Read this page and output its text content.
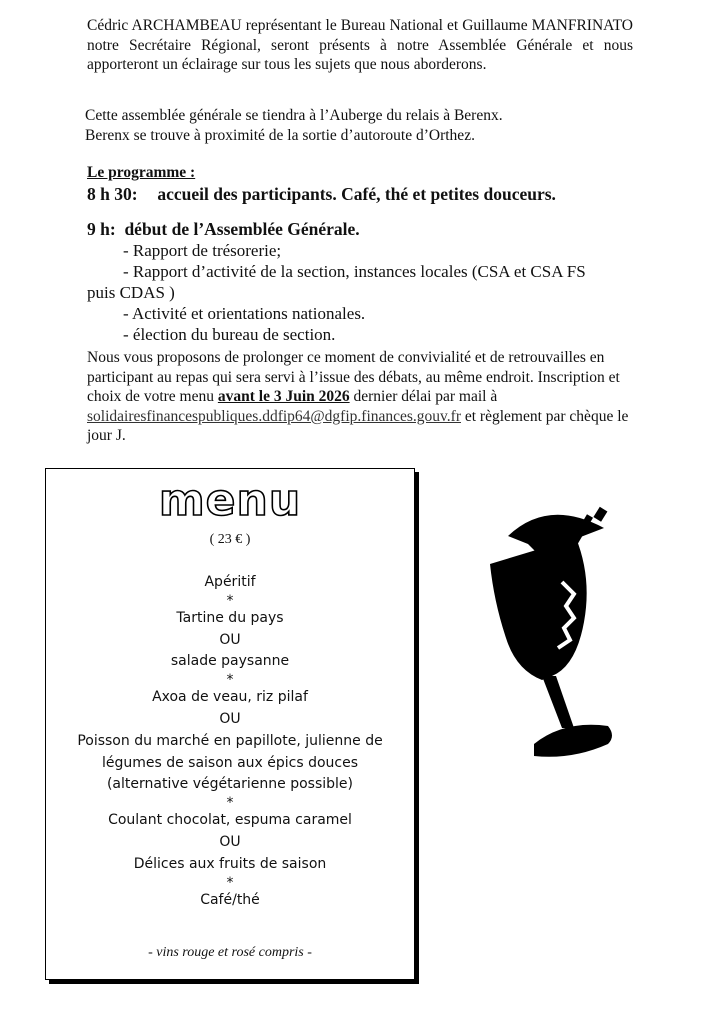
Cédric ARCHAMBEAU représentant le Bureau National et Guillaume MANFRINATO notre Secrétaire Régional, seront présents à notre Assemblée Générale et nous apporteront un éclairage sur tous les sujets que nous aborderons.

Cette assemblée générale se tiendra à l’Auberge du relais à Berenx.
Berenx se trouve à proximité de la sortie d’autoroute d’Orthez.
Le programme :
8 h 30: accueil des participants. Café, thé et petites douceurs.
9 h: début de l’Assemblée Générale.
- Rapport de trésorerie;
- Rapport d’activité de la section, instances locales (CSA et CSA FS
puis CDAS )
- Activité et orientations nationales.
- élection du bureau de section.

Nous vous proposons de prolonger ce moment de convivialité et de retrouvailles en participant au repas qui sera servi à l’issue des débats, au même endroit. Inscription et choix de votre menu avant le 3 Juin 2026 dernier délai par mail à solidairesfinancespubliques.ddfip64@dgfip.finances.gouv.fr et règlement par chèque le jour J.

menu
( 23 € )
Apéritif
*
Tartine du pays
OU
salade paysanne
*
Axoa de veau, riz pilaf
OU
Poisson du marché en papillote, julienne de
légumes de saison aux épics douces
(alternative végétarienne possible)
*
Coulant chocolat, espuma caramel
OU
Délices aux fruits de saison
*
Café/thé
- vins rouge et rosé compris -
